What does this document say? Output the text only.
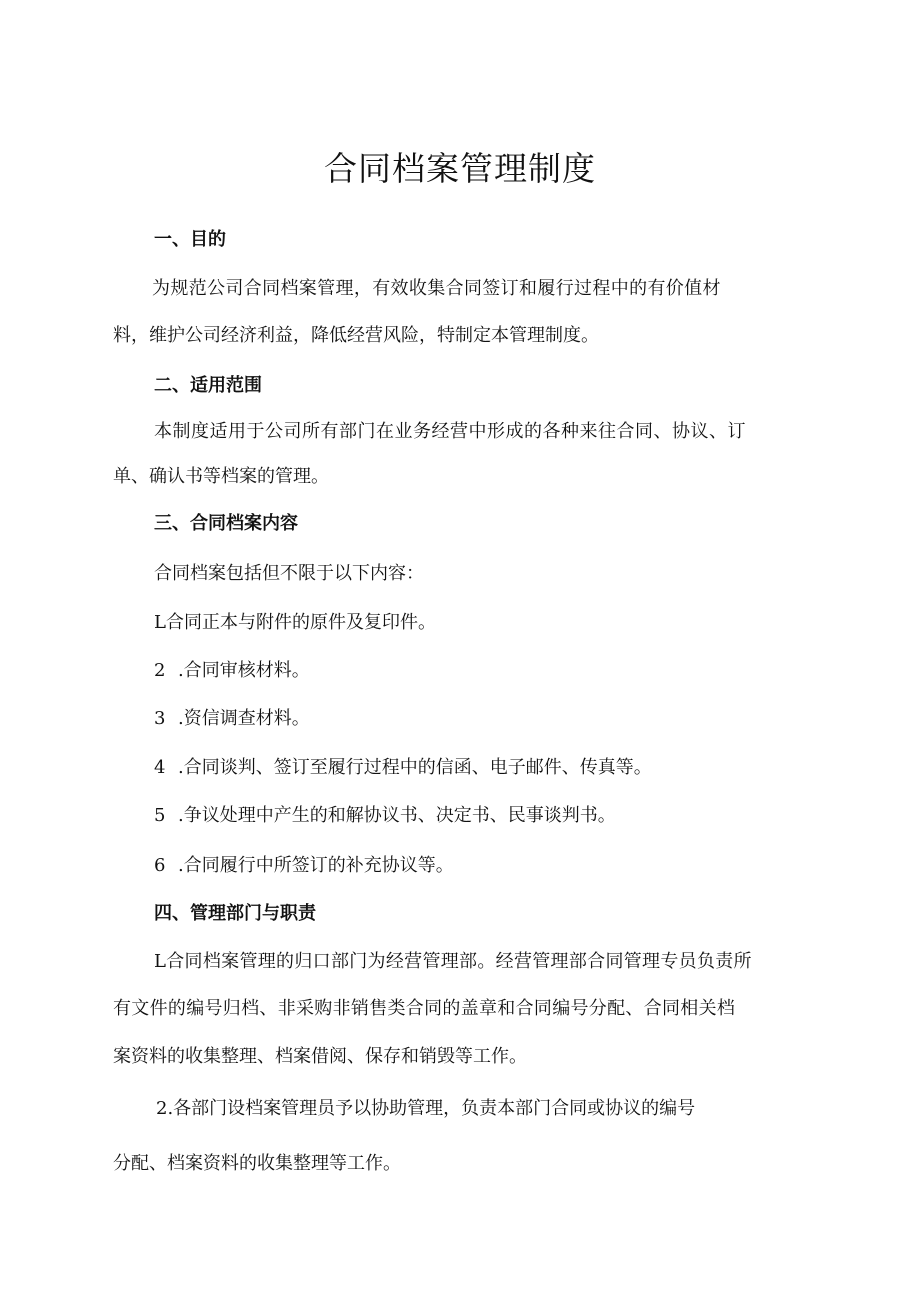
合同档案管理制度
一、目的

为规范公司合同档案管理，有效收集合同签订和履行过程中的有价值材

料，维护公司经济利益，降低经营风险，特制定本管理制度。

二、适用范围

本制度适用于公司所有部门在业务经营中形成的各种来往合同、协议、订

单、确认书等档案的管理。

三、合同档案内容

合同档案包括但不限于以下内容：

L合同正本与附件的原件及复印件。

2 .合同审核材料。

3 .资信调查材料。

4 .合同谈判、签订至履行过程中的信函、电子邮件、传真等。

5 .争议处理中产生的和解协议书、决定书、民事谈判书。

6 .合同履行中所签订的补充协议等。

四、管理部门与职责

L合同档案管理的归口部门为经营管理部。经营管理部合同管理专员负责所

有文件的编号归档、非采购非销售类合同的盖章和合同编号分配、合同相关档

案资料的收集整理、档案借阅、保存和销毁等工作。

2.各部门设档案管理员予以协助管理，负责本部门合同或协议的编号

分配、档案资料的收集整理等工作。
